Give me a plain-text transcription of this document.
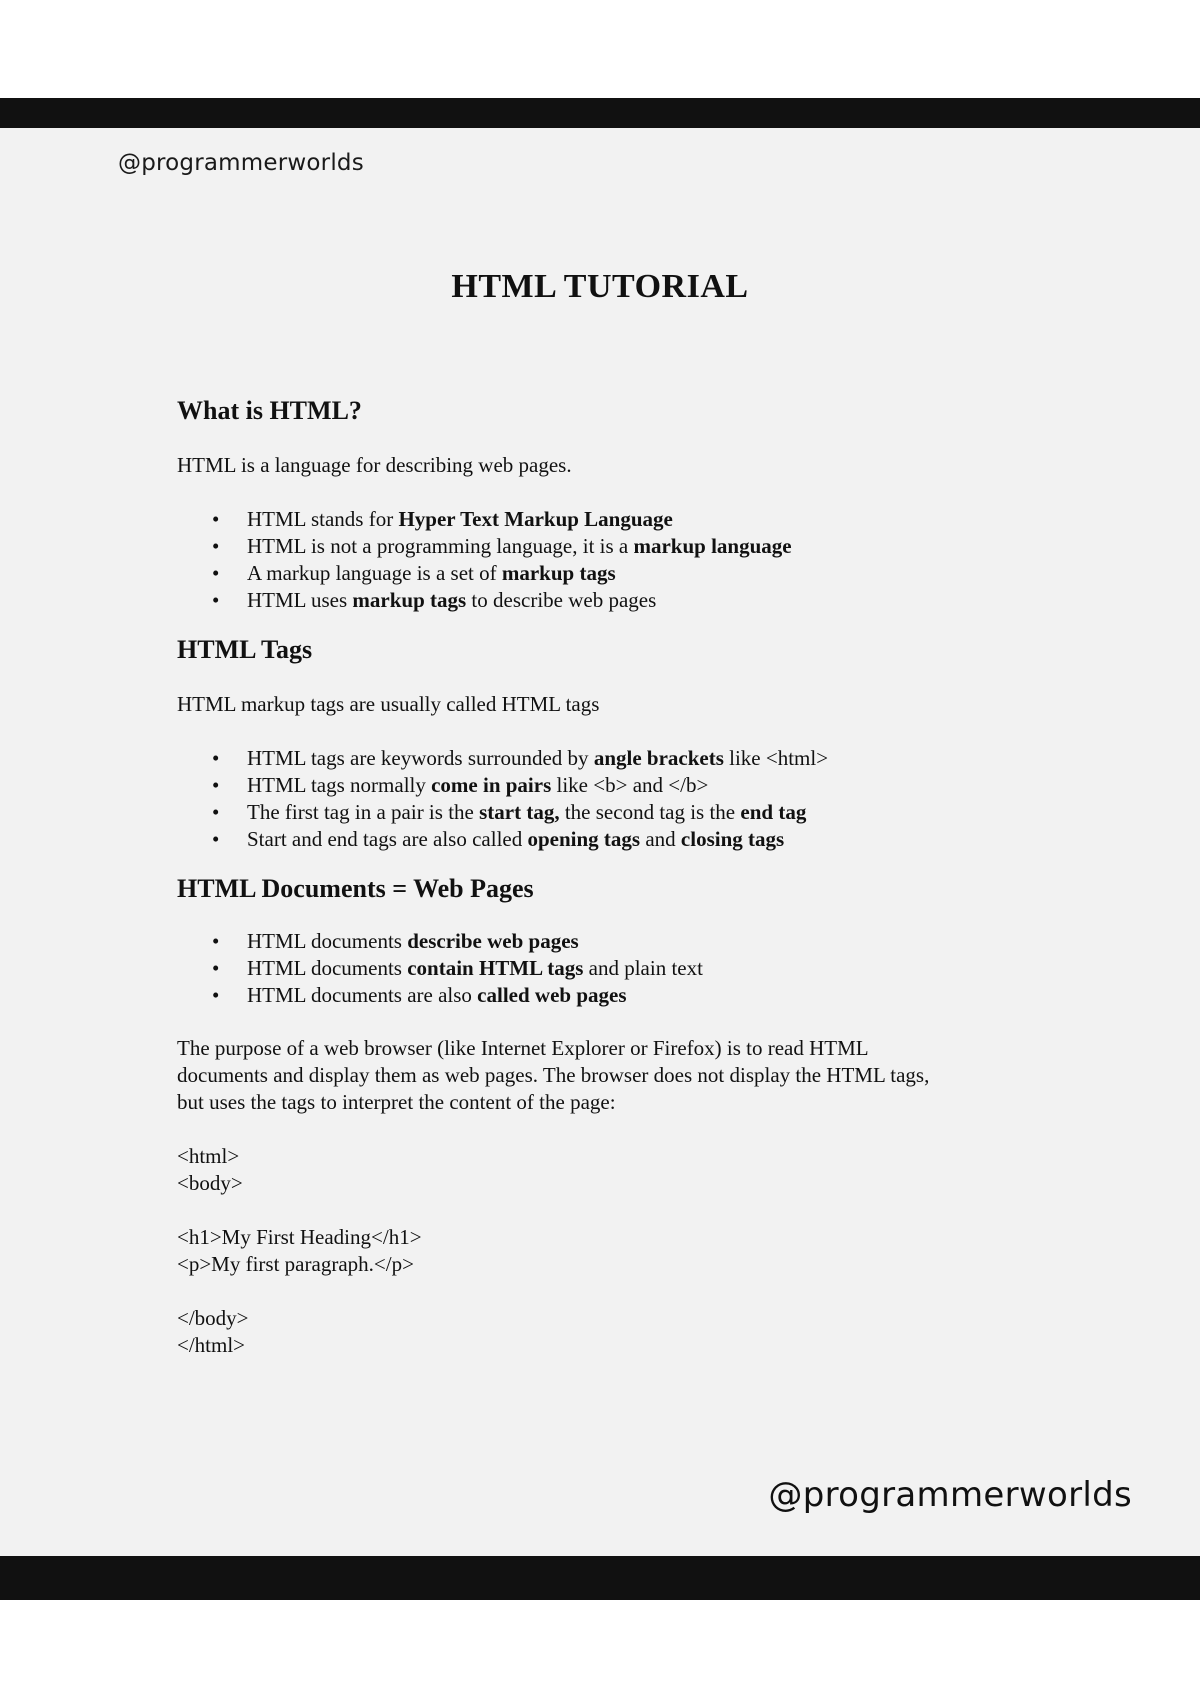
@programmerworlds
@programmerworlds
HTML TUTORIAL
What is HTML?

HTML is a language for describing web pages.

• HTML stands for Hyper Text Markup Language
• HTML is not a programming language, it is a markup language
• A markup language is a set of markup tags
• HTML uses markup tags to describe web pages
HTML Tags

HTML markup tags are usually called HTML tags

• HTML tags are keywords surrounded by angle brackets like <html>
• HTML tags normally come in pairs like <b> and </b>
• The first tag in a pair is the start tag, the second tag is the end tag
• Start and end tags are also called opening tags and closing tags
HTML Documents = Web Pages
• HTML documents describe web pages
• HTML documents contain HTML tags and plain text
• HTML documents are also called web pages

The purpose of a web browser (like Internet Explorer or Firefox) is to read HTML
documents and display them as web pages. The browser does not display the HTML tags,
but uses the tags to interpret the content of the page:

<html>
<body>
<h1>My First Heading</h1>
<p>My first paragraph.</p>
</body>
</html>
